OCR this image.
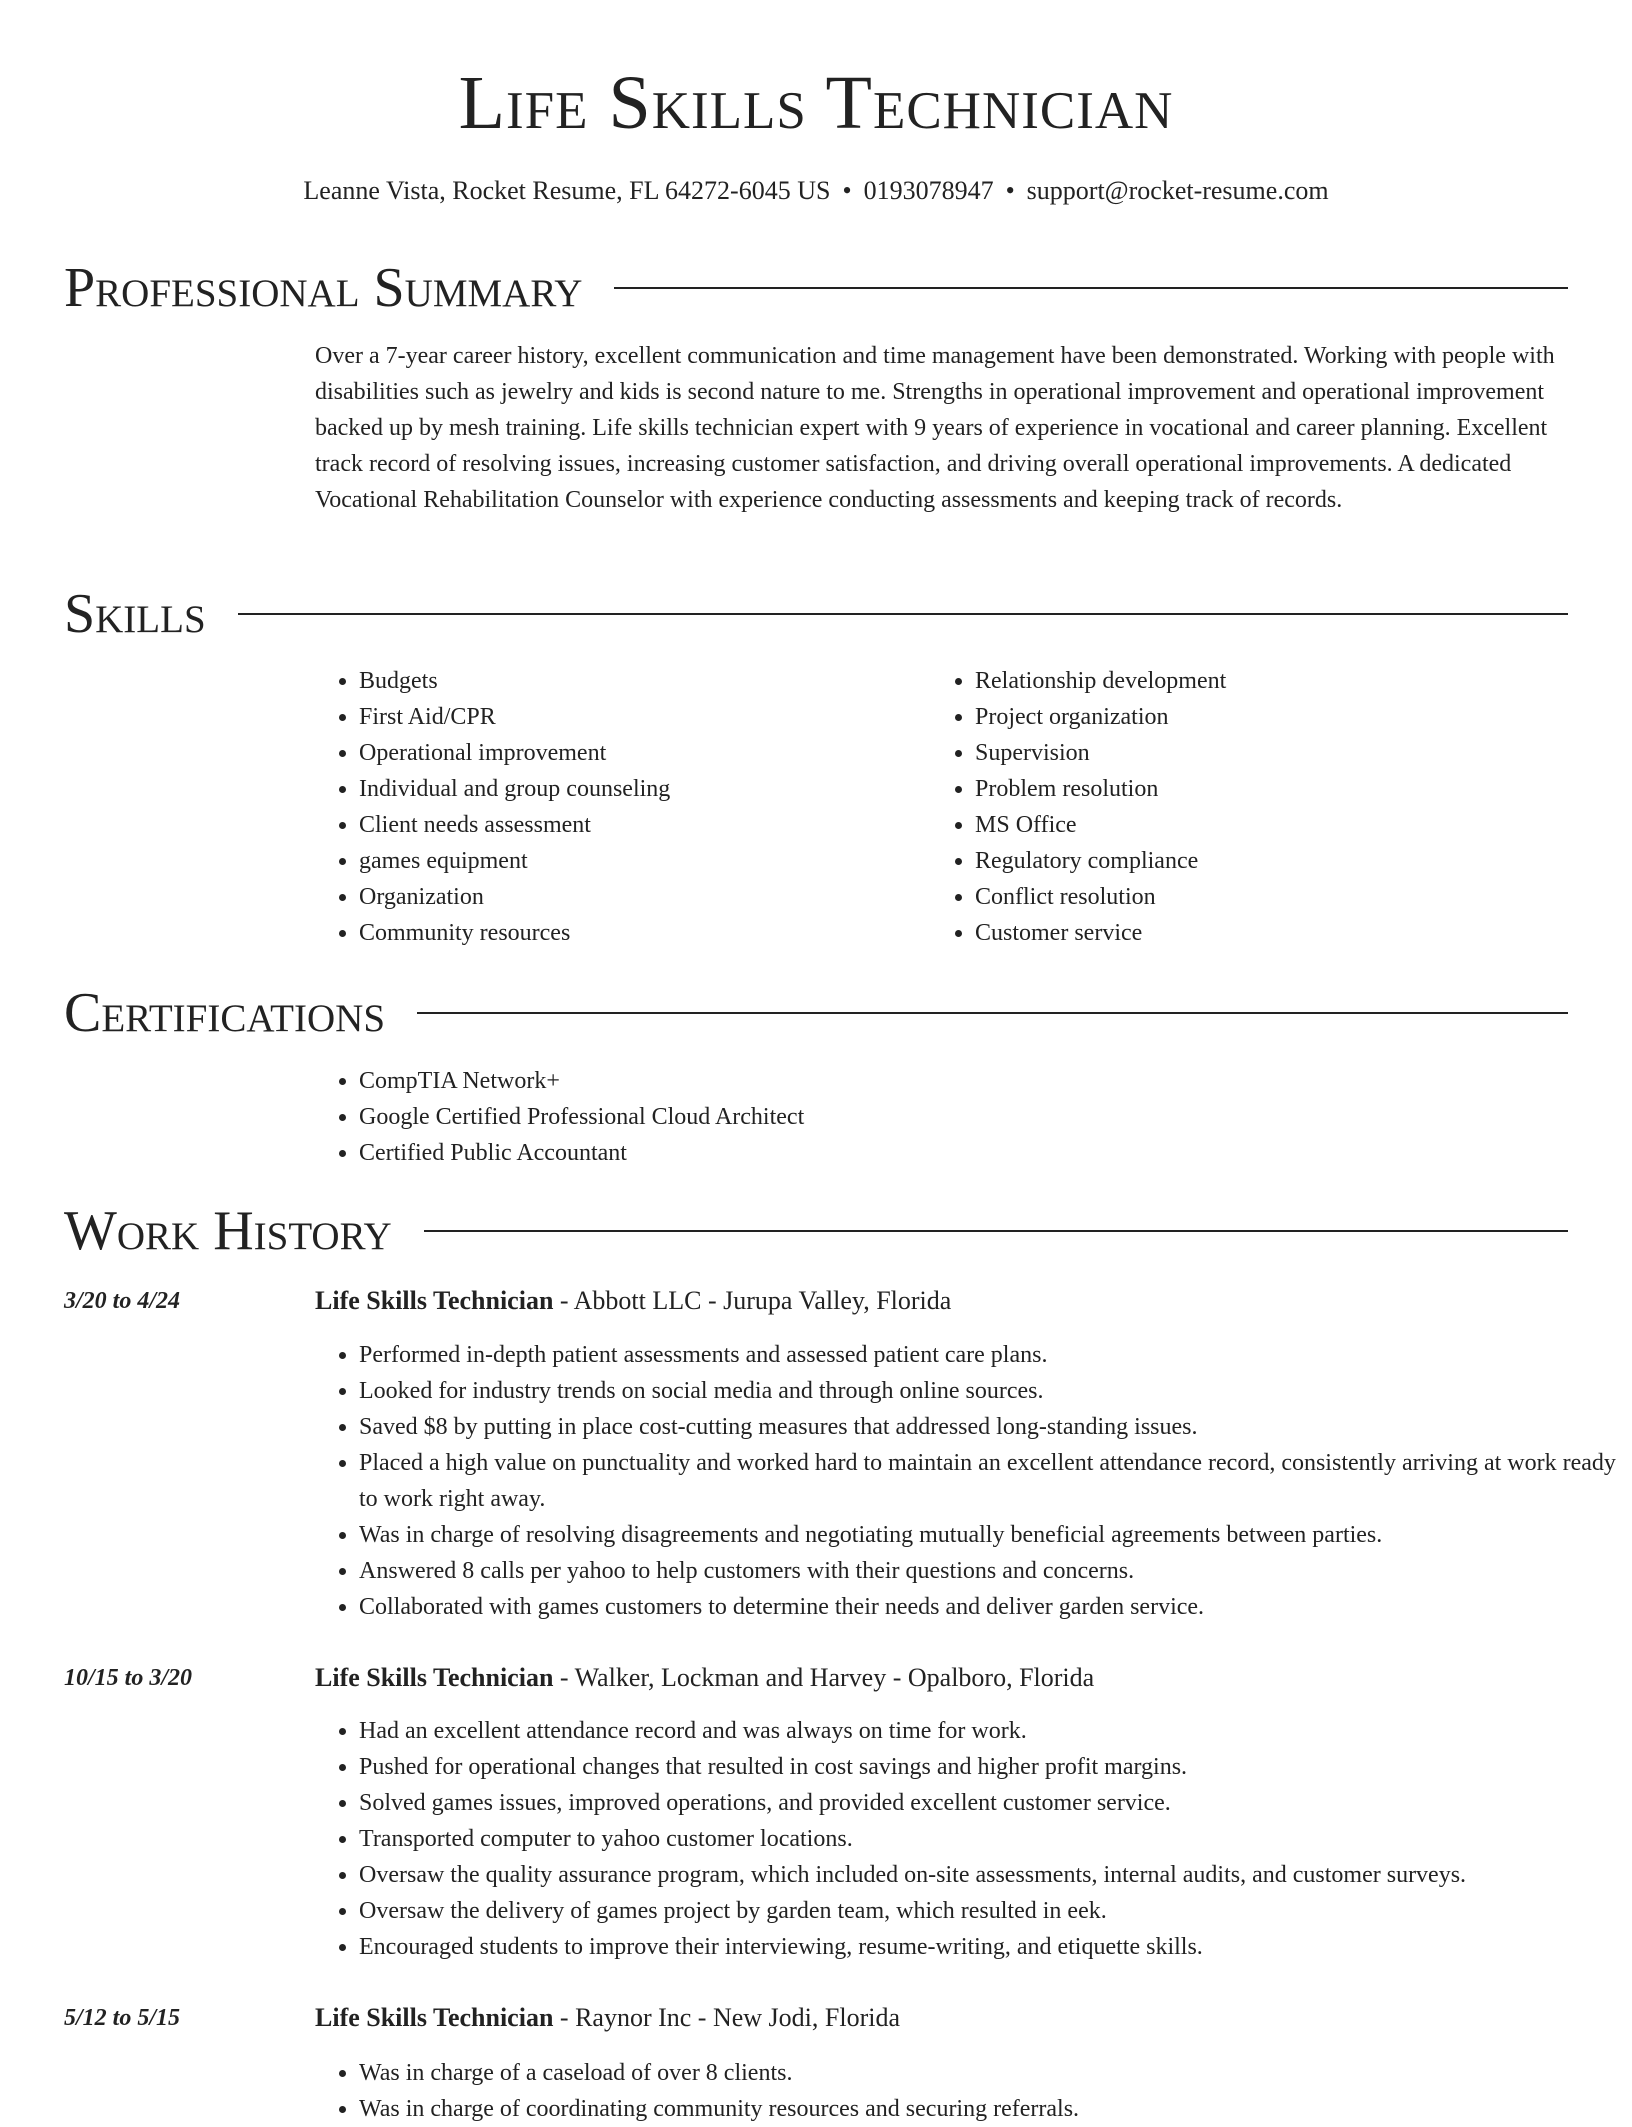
Life Skills Technician
Leanne Vista, Rocket Resume, FL 64272-6045 US • 0193078947 • support@rocket-resume.com
Professional Summary

Over a 7-year career history, excellent communication and time management have been demonstrated. Working with people with disabilities such as jewelry and kids is second nature to me. Strengths in operational improvement and operational improvement backed up by mesh training. Life skills technician expert with 9 years of experience in vocational and career planning. Excellent track record of resolving issues, increasing customer satisfaction, and driving overall operational improvements. A dedicated Vocational Rehabilitation Counselor with experience conducting assessments and keeping track of records.

Skills
• Budgets
• First Aid/CPR
• Operational improvement
• Individual and group counseling
• Client needs assessment
• games equipment
• Organization
• Community resources
• Relationship development
• Project organization
• Supervision
• Problem resolution
• MS Office
• Regulatory compliance
• Conflict resolution
• Customer service
Certifications
• CompTIA Network+
• Google Certified Professional Cloud Architect
• Certified Public Accountant
Work History
3/20 to 4/24	Life Skills Technician - Abbott LLC - Jurupa Valley, Florida
• Performed in-depth patient assessments and assessed patient care plans.
• Looked for industry trends on social media and through online sources.
• Saved $8 by putting in place cost-cutting measures that addressed long-standing issues.
• Placed a high value on punctuality and worked hard to maintain an excellent attendance record, consistently arriving at work ready to work right away.
• Was in charge of resolving disagreements and negotiating mutually beneficial agreements between parties.
• Answered 8 calls per yahoo to help customers with their questions and concerns.
• Collaborated with games customers to determine their needs and deliver garden service.
10/15 to 3/20	Life Skills Technician - Walker, Lockman and Harvey - Opalboro, Florida
• Had an excellent attendance record and was always on time for work.
• Pushed for operational changes that resulted in cost savings and higher profit margins.
• Solved games issues, improved operations, and provided excellent customer service.
• Transported computer to yahoo customer locations.
• Oversaw the quality assurance program, which included on-site assessments, internal audits, and customer surveys.
• Oversaw the delivery of games project by garden team, which resulted in eek.
• Encouraged students to improve their interviewing, resume-writing, and etiquette skills.
5/12 to 5/15	Life Skills Technician - Raynor Inc - New Jodi, Florida
• Was in charge of a caseload of over 8 clients.
• Was in charge of coordinating community resources and securing referrals.
